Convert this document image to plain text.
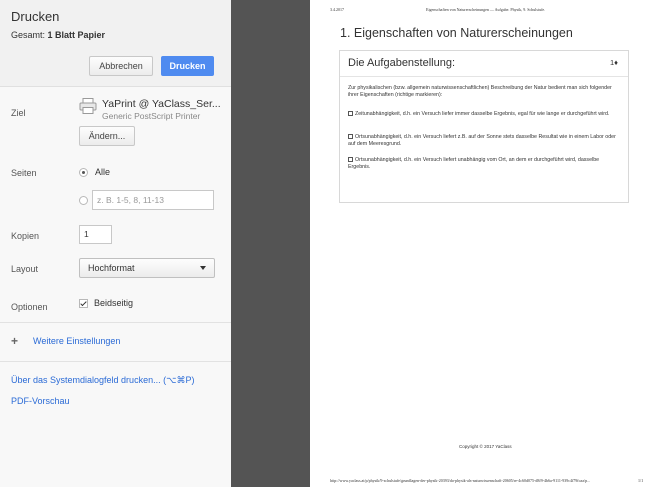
Drucken
Gesamt: 1 Blatt Papier
Abbrechen	Drucken
Ziel
YaPrint @ YaClass_Ser...
Generic PostScript Printer
Ändern...
Seiten	Alle
z. B. 1-5, 8, 11-13
Kopien	1
Layout	Hochformat
Optionen	Beidseitig
+ Weitere Einstellungen
Über das Systemdialogfeld drucken... (⌥⌘P)
PDF-Vorschau
3.4.2017	Eigenschaften von Naturerscheinungen — Aufgabe. Physik, 9. Schulstufe.
1. Eigenschaften von Naturerscheinungen
Die Aufgabenstellung:	1♦
Zur physikalischen (bzw. allgemein naturwissenschaftlichen) Beschreibung der Natur bedient man sich folgender ihrer Eigenschaften (richtige markieren):
Zeitunabhängigkeit, d.h. ein Versuch liefer immer dasselbe Ergebnis, egal für wie lange er durchgeführt wird.
Ortsunabhängigkeit, d.h. ein Versuch liefert z.B. auf der Sonne stets dasselbe Resultat wie in einem Labor oder auf dem Meeresgrund.
Ortsunabhängigkeit, d.h. ein Versuch liefert unabhängig vom Ort, an dem er durchgeführt wird, dasselbe Ergebnis.
Copyright © 2017 YaClass
http://www.yaclass.at/p/physik/9-schulstufe/grundlagen-der-physik-20393/da-physik-als-naturwissenschaft-20605/re-4c60d075-d8f9-4b6a-9111-939c4f79fcaa/p...	1/1
